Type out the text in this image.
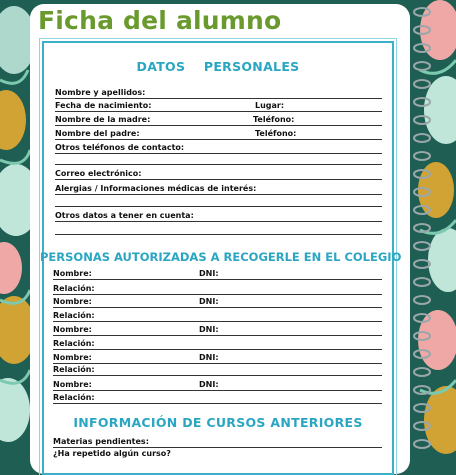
Ficha del alumno
DATOS    PERSONALES
Nombre y apellidos:
Fecha de nacimiento:	Lugar:
Nombre de la madre:	Teléfono:
Nombre del padre:	Teléfono:
Otros teléfonos de contacto:
Correo electrónico:
Alergias / Informaciones médicas de interés:
Otros datos a tener en cuenta:
PERSONAS AUTORIZADAS A RECOGERLE EN EL COLEGIO
Nombre:	DNI:
Relación:
Nombre:	DNI:
Relación:
Nombre:	DNI:
Relación:
Nombre:	DNI:
Relación:
Nombre:	DNI:
Relación:
INFORMACIÓN DE CURSOS ANTERIORES
Materias pendientes:
¿Ha repetido algún curso?
